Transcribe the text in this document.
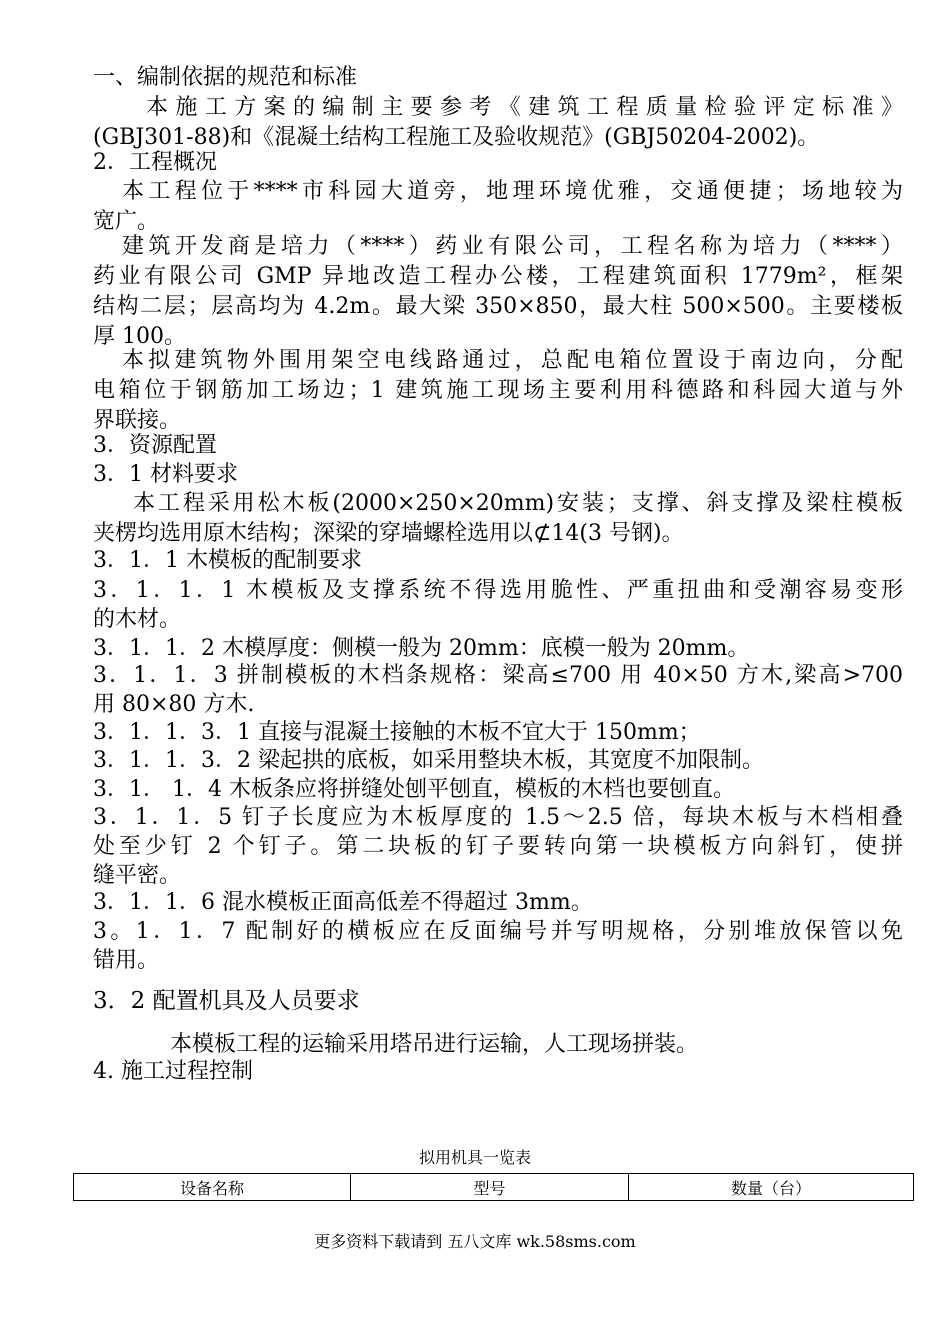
一、编制依据的规范和标准
本施工方案的编制主要参考《建筑工程质量检验评定标准》
(GBJ301-88)和《混凝土结构工程施工及验收规范》(GBJ50204-2002)。
2．工程概况
本工程位于****市科园大道旁，地理环境优雅，交通便捷；场地较为
宽广。
建筑开发商是培力（****）药业有限公司，工程名称为培力（****）
药业有限公司 GMP 异地改造工程办公楼，工程建筑面积 1779m²，框架
结构二层；层高均为 4.2m。最大梁 350×850，最大柱 500×500。主要楼板
厚 100。
本拟建筑物外围用架空电线路通过，总配电箱位置设于南边向，分配
电箱位于钢筋加工场边；1 建筑施工现场主要利用科德路和科园大道与外
界联接。
3．资源配置
3．1 材料要求
本工程采用松木板(2000×250×20mm)安装；支撑、斜支撑及梁柱模板
夹楞均选用原木结构；深梁的穿墙螺栓选用以⊄14(3 号钢)。
3．1．1 木模板的配制要求
3．1．1．1 木模板及支撑系统不得选用脆性、严重扭曲和受潮容易变形
的木材。
3．1．1．2 木模厚度：侧模一般为 20mm：底模一般为 20mm。
3．1．1．3 拼制模板的木档条规格：梁高≤700 用 40×50 方木,梁高>700
用 80×80 方木.
3．1．1．3．1 直接与混凝土接触的木板不宜大于 150mm；
3．1．1．3．2 梁起拱的底板，如采用整块木板，其宽度不加限制。
3．1． 1．4 木板条应将拼缝处刨平刨直，模板的木档也要刨直。
3．1．1．5 钉子长度应为木板厚度的 1.5～2.5 倍，每块木板与木档相叠
处至少钉 2 个钉子。第二块板的钉子要转向第一块模板方向斜钉，使拼
缝平密。
3．1．1．6 混水模板正面高低差不得超过 3mm。
3。1．1．7 配制好的横板应在反面编号并写明规格，分别堆放保管以免
错用。
3．2 配置机具及人员要求
本模板工程的运输采用塔吊进行运输，人工现场拼装。
4. 施工过程控制
拟用机具一览表
设备名称	型号	数量（台）
更多资料下载请到 五八文库 wk.58sms.com
